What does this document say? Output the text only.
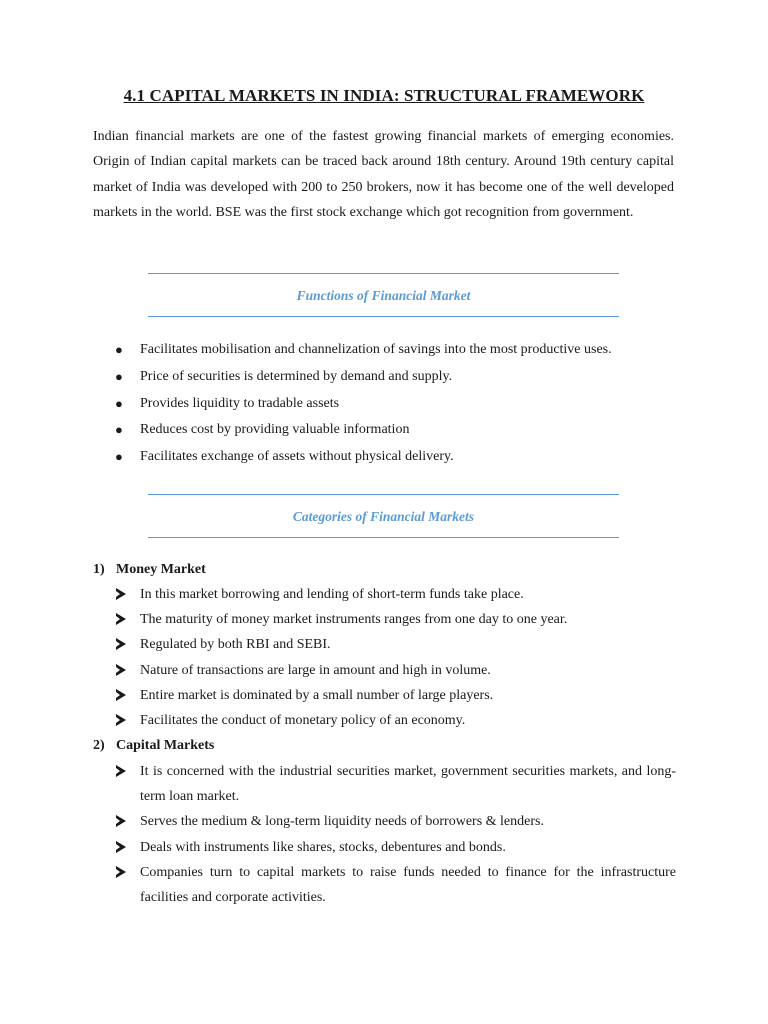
4.1 CAPITAL MARKETS IN INDIA: STRUCTURAL FRAMEWORK

Indian financial markets are one of the fastest growing financial markets of emerging economies. Origin of Indian capital markets can be traced back around 18th century. Around 19th century capital market of India was developed with 200 to 250 brokers, now it has become one of the well developed markets in the world. BSE was the first stock exchange which got recognition from government.

Functions of Financial Market

● Facilitates mobilisation and channelization of savings into the most productive uses.
● Price of securities is determined by demand and supply.
● Provides liquidity to tradable assets
● Reduces cost by providing valuable information
● Facilitates exchange of assets without physical delivery.

Categories of Financial Markets

1) Money Market

In this market borrowing and lending of short-term funds take place.
The maturity of money market instruments ranges from one day to one year.
Regulated by both RBI and SEBI.
Nature of transactions are large in amount and high in volume.
Entire market is dominated by a small number of large players.
Facilitates the conduct of monetary policy of an economy.

2) Capital Markets

It is concerned with the industrial securities market, government securities markets, and long- term loan market.
Serves the medium & long-term liquidity needs of borrowers & lenders.
Deals with instruments like shares, stocks, debentures and bonds.
Companies turn to capital markets to raise funds needed to finance for the infrastructure facilities and corporate activities.
